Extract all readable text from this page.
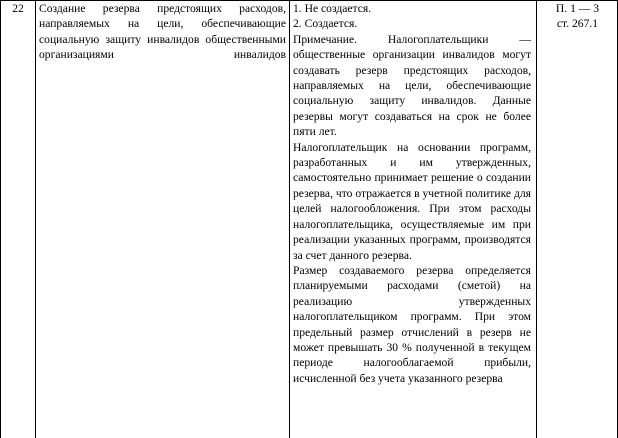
22	Создание резерва предстоящих расходов, направляемых на цели, обеспечивающие социальную защиту инвалидов общественными организациями инвалидов
1. Не создается.
2. Создается.
Примечание. Налогоплательщики — общественные организации инвалидов могут создавать резерв предстоящих расходов, направляемых на цели, обеспечивающие социальную защиту инвалидов. Данные резервы могут создаваться на срок не более пяти лет.
Налогоплательщик на основании программ, разработанных и им утвержденных, самостоятельно принимает решение о создании резерва, что отражается в учетной политике для целей налогообложения. При этом расходы налогоплательщика, осуществляемые им при реализации указанных программ, производятся за счет данного резерва.
Размер создаваемого резерва определяется планируемыми расходами (сметой) на реализацию утвержденных налогоплательщиком программ. При этом предельный размер отчислений в резерв не может превышать 30 % полученной в текущем периоде налогооблагаемой прибыли, исчисленной без учета указанного резерва
П. 1 — 3
ст. 267.1
